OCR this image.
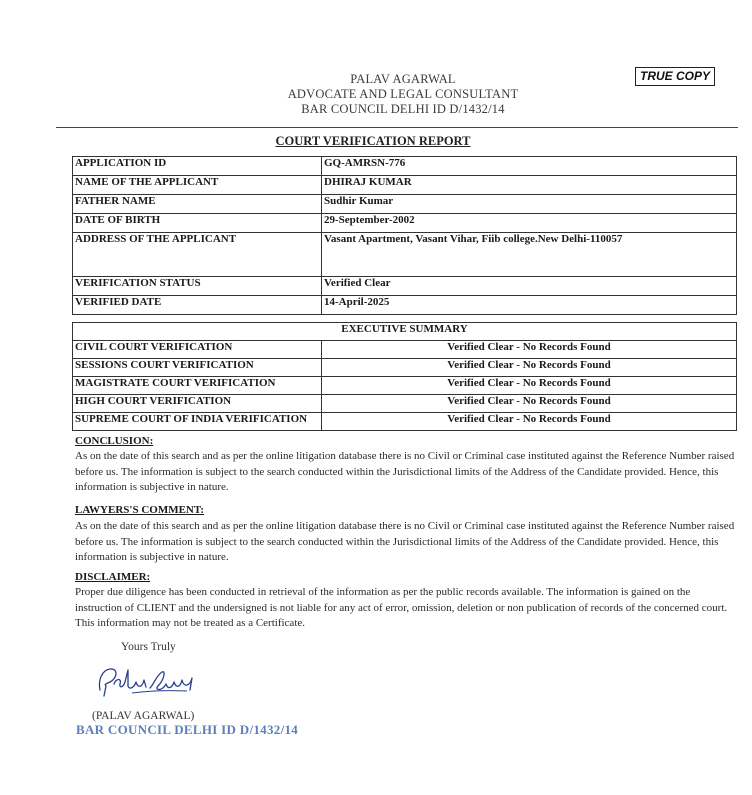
PALAV AGARWAL
ADVOCATE AND LEGAL CONSULTANT
BAR COUNCIL DELHI ID D/1432/14
TRUE COPY
COURT VERIFICATION REPORT
APPLICATION ID	GQ-AMRSN-776
NAME OF THE APPLICANT	DHIRAJ KUMAR
FATHER NAME	Sudhir Kumar
DATE OF BIRTH	29-September-2002
ADDRESS OF THE APPLICANT	Vasant Apartment, Vasant Vihar, Fiib college.New Delhi-110057
VERIFICATION STATUS	Verified Clear
VERIFIED DATE	14-April-2025
EXECUTIVE SUMMARY	
CIVIL COURT VERIFICATION	Verified Clear - No Records Found
SESSIONS COURT VERIFICATION	Verified Clear - No Records Found
MAGISTRATE COURT VERIFICATION	Verified Clear - No Records Found
HIGH COURT VERIFICATION	Verified Clear - No Records Found
SUPREME COURT OF INDIA VERIFICATION	Verified Clear - No Records Found
CONCLUSION:
As on the date of this search and as per the online litigation database there is no Civil or Criminal case instituted against the Reference Number raised before us. The information is subject to the search conducted within the Jurisdictional limits of the Address of the Candidate provided. Hence, this information is subjective in nature.
LAWYERS'S COMMENT:
As on the date of this search and as per the online litigation database there is no Civil or Criminal case instituted against the Reference Number raised before us. The information is subject to the search conducted within the Jurisdictional limits of the Address of the Candidate provided. Hence, this information is subjective in nature.
DISCLAIMER:
Proper due diligence has been conducted in retrieval of the information as per the public records available. The information is gained on the instruction of CLIENT and the undersigned is not liable for any act of error, omission, deletion or non publication of records of the concerned court. This information may not be treated as a Certificate.
Yours Truly
(PALAV AGARWAL)
BAR COUNCIL DELHI ID D/1432/14
